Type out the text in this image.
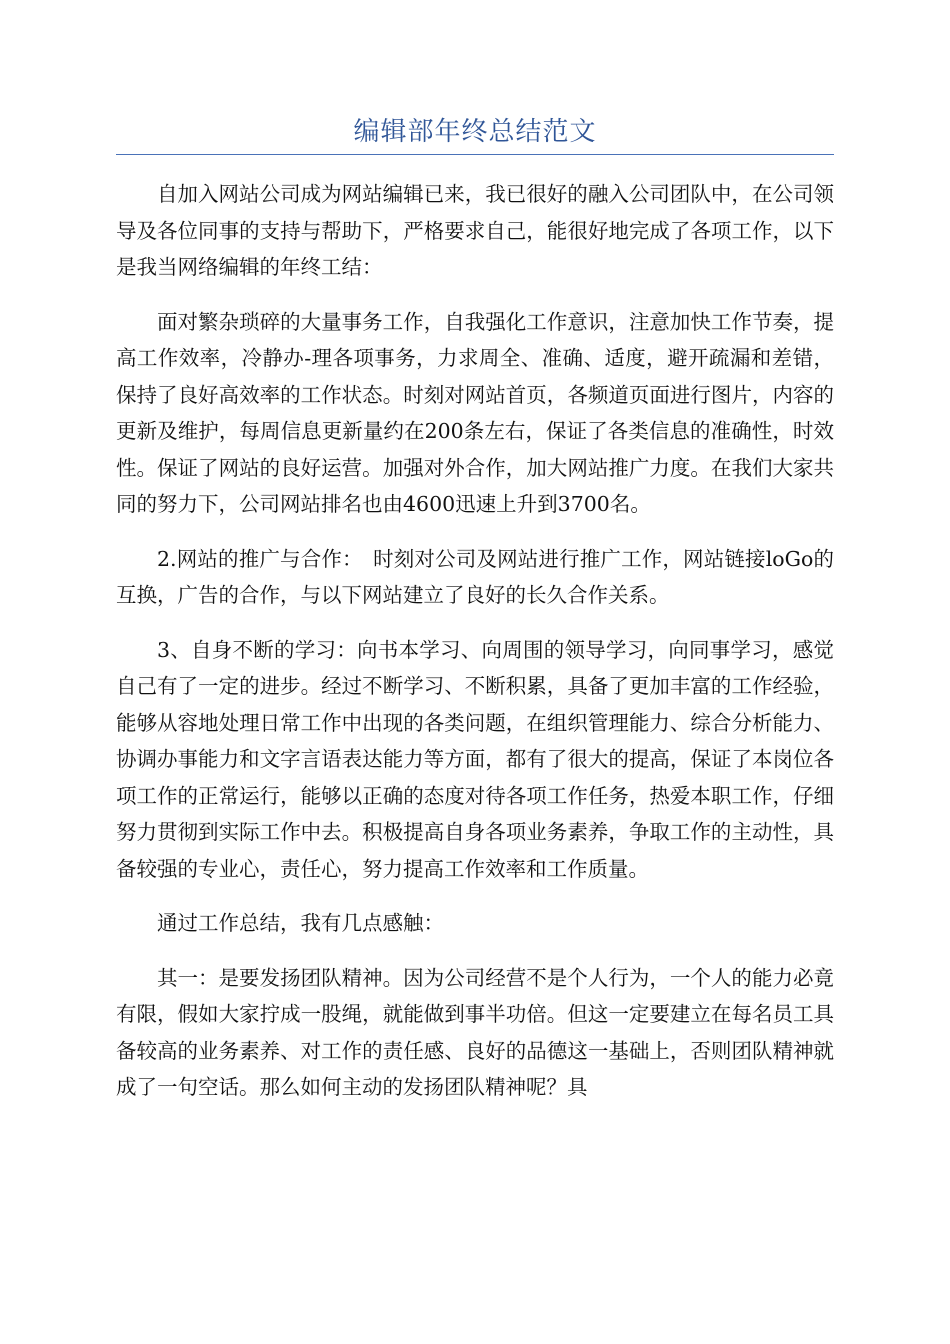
编辑部年终总结范文

自加入网站公司成为网站编辑已来，我已很好的融入公司团队中，在公司领导及各位同事的支持与帮助下，严格要求自己，能很好地完成了各项工作，以下是我当网络编辑的年终工结：

面对繁杂琐碎的大量事务工作，自我强化工作意识，注意加快工作节奏，提高工作效率，冷静办-理各项事务，力求周全、准确、适度，避开疏漏和差错，保持了良好高效率的工作状态。时刻对网站首页，各频道页面进行图片，内容的更新及维护，每周信息更新量约在200条左右，保证了各类信息的准确性，时效性。保证了网站的良好运营。加强对外合作，加大网站推广力度。在我们大家共同的努力下，公司网站排名也由4600迅速上升到3700名。

2.网站的推广与合作：　时刻对公司及网站进行推广工作，网站链接loGo的互换，广告的合作，与以下网站建立了良好的长久合作关系。

3、自身不断的学习：向书本学习、向周围的领导学习，向同事学习，感觉自己有了一定的进步。经过不断学习、不断积累，具备了更加丰富的工作经验，能够从容地处理日常工作中出现的各类问题，在组织管理能力、综合分析能力、协调办事能力和文字言语表达能力等方面，都有了很大的提高，保证了本岗位各项工作的正常运行，能够以正确的态度对待各项工作任务，热爱本职工作，仔细努力贯彻到实际工作中去。积极提高自身各项业务素养，争取工作的主动性，具备较强的专业心，责任心，努力提高工作效率和工作质量。

通过工作总结，我有几点感触：

其一：是要发扬团队精神。因为公司经营不是个人行为，一个人的能力必竟有限，假如大家拧成一股绳，就能做到事半功倍。但这一定要建立在每名员工具备较高的业务素养、对工作的责任感、良好的品德这一基础上，否则团队精神就成了一句空话。那么如何主动的发扬团队精神呢？具
